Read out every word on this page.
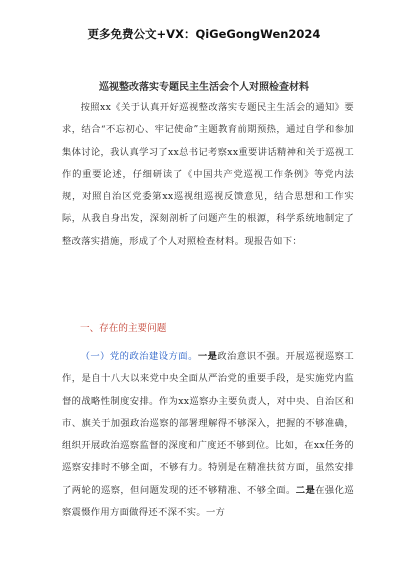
更多免费公文+VX：QiGeGongWen2024
巡视整改落实专题民主生活会个人对照检查材料

按照xx《关于认真开好巡视整改落实专题民主生活会的通知》要求，结合“不忘初心、牢记使命”主题教育前期预热，通过自学和参加集体讨论，我认真学习了xx总书记考察xx重要讲话精神和关于巡视工作的重要论述，仔细研读了《中国共产党巡视工作条例》等党内法规，对照自治区党委第xx巡视组巡视反馈意见，结合思想和工作实际，从我自身出发，深刻剖析了问题产生的根源，科学系统地制定了整改落实措施，形成了个人对照检查材料。现报告如下：

一、存在的主要问题

（一）党的政治建设方面。一是政治意识不强。开展巡视巡察工作，是自十八大以来党中央全面从严治党的重要手段，是实施党内监督的战略性制度安排。作为xx巡察办主要负责人，对中央、自治区和市、旗关于加强政治巡察的部署理解得不够深入，把握的不够准确，组织开展政治巡察监督的深度和广度还不够到位。比如，在xx任务的巡察安排时不够全面，不够有力。特别是在精准扶贫方面，虽然安排了两轮的巡察，但问题发现的还不够精准、不够全面。二是在强化巡察震慑作用方面做得还不深不实。一方
